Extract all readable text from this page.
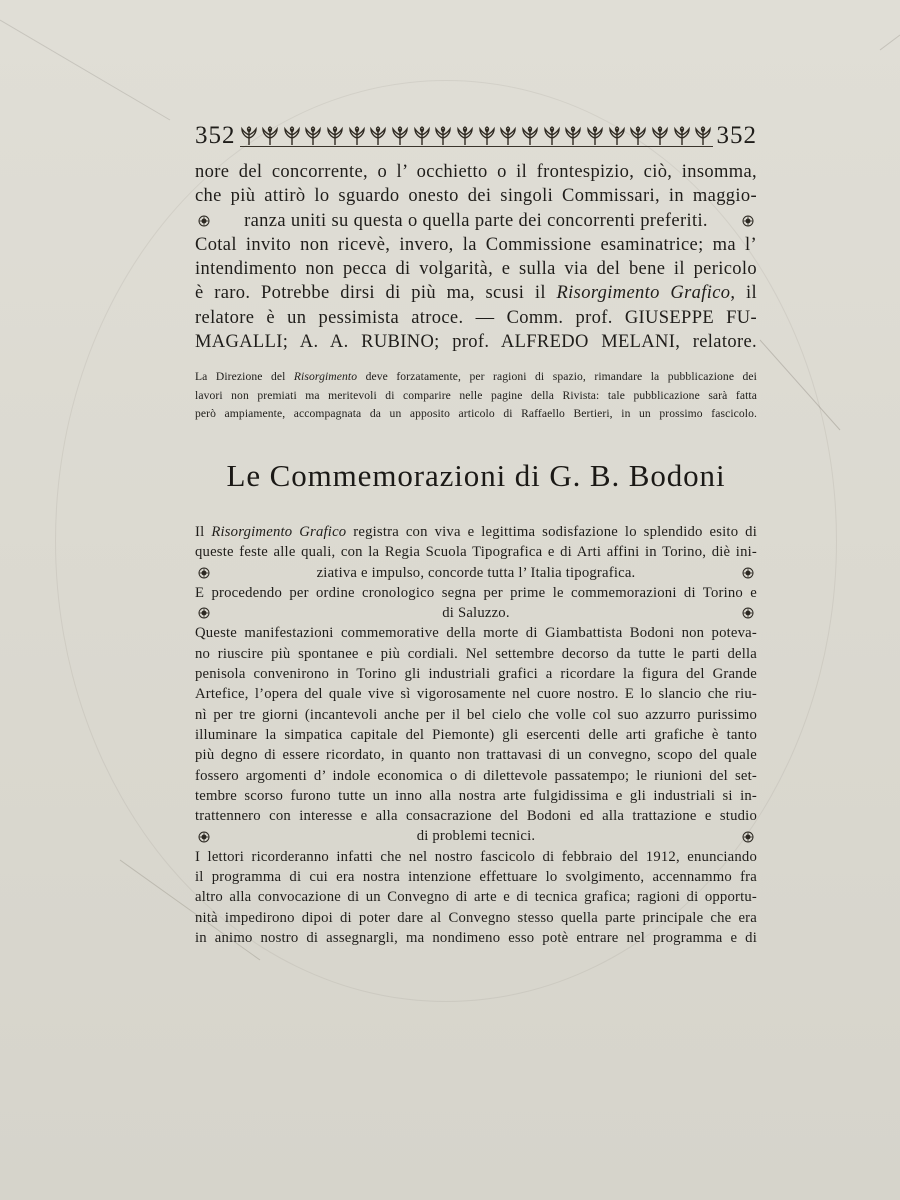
352	352
nore del concorrente, o l’ occhietto o il frontespizio, ciò, insomma,
che più attirò lo sguardo onesto dei singoli Commissari, in maggio-
ranza uniti su questa o quella parte dei concorrenti preferiti.
Cotal invito non ricevè, invero, la Commissione esaminatrice; ma l’
intendimento non pecca di volgarità, e sulla via del bene il pericolo
è raro. Potrebbe dirsi di più ma, scusi il Risorgimento Grafico, il
relatore è un pessimista atroce. — Comm. prof. GIUSEPPE FU-
MAGALLI; A. A. RUBINO; prof. ALFREDO MELANI, relatore.
La Direzione del Risorgimento deve forzatamente, per ragioni di spazio, rimandare la pubblicazione dei
lavori non premiati ma meritevoli di comparire nelle pagine della Rivista: tale pubblicazione sarà fatta
però ampiamente, accompagnata da un apposito articolo di Raffaello Bertieri, in un prossimo fascicolo.
Le Commemorazioni di G. B. Bodoni
Il Risorgimento Grafico registra con viva e legittima sodisfazione lo splendido esito di
queste feste alle quali, con la Regia Scuola Tipografica e di Arti affini in Torino, diè ini-
ziativa e impulso, concorde tutta l’ Italia tipografica.
E procedendo per ordine cronologico segna per prime le commemorazioni di Torino e
di Saluzzo.
Queste manifestazioni commemorative della morte di Giambattista Bodoni non poteva-
no riuscire più spontanee e più cordiali. Nel settembre decorso da tutte le parti della
penisola convenirono in Torino gli industriali grafici a ricordare la figura del Grande
Artefice, l’opera del quale vive sì vigorosamente nel cuore nostro. E lo slancio che riu-
nì per tre giorni (incantevoli anche per il bel cielo che volle col suo azzurro purissimo
illuminare la simpatica capitale del Piemonte) gli esercenti delle arti grafiche è tanto
più degno di essere ricordato, in quanto non trattavasi di un convegno, scopo del quale
fossero argomenti d’ indole economica o di dilettevole passatempo; le riunioni del set-
tembre scorso furono tutte un inno alla nostra arte fulgidissima e gli industriali si in-
trattennero con interesse e alla consacrazione del Bodoni ed alla trattazione e studio
di problemi tecnici.
I lettori ricorderanno infatti che nel nostro fascicolo di febbraio del 1912, enunciando
il programma di cui era nostra intenzione effettuare lo svolgimento, accennammo fra
altro alla convocazione di un Convegno di arte e di tecnica grafica; ragioni di opportu-
nità impedirono dipoi di poter dare al Convegno stesso quella parte principale che era
in animo nostro di assegnargli, ma nondimeno esso potè entrare nel programma e di
